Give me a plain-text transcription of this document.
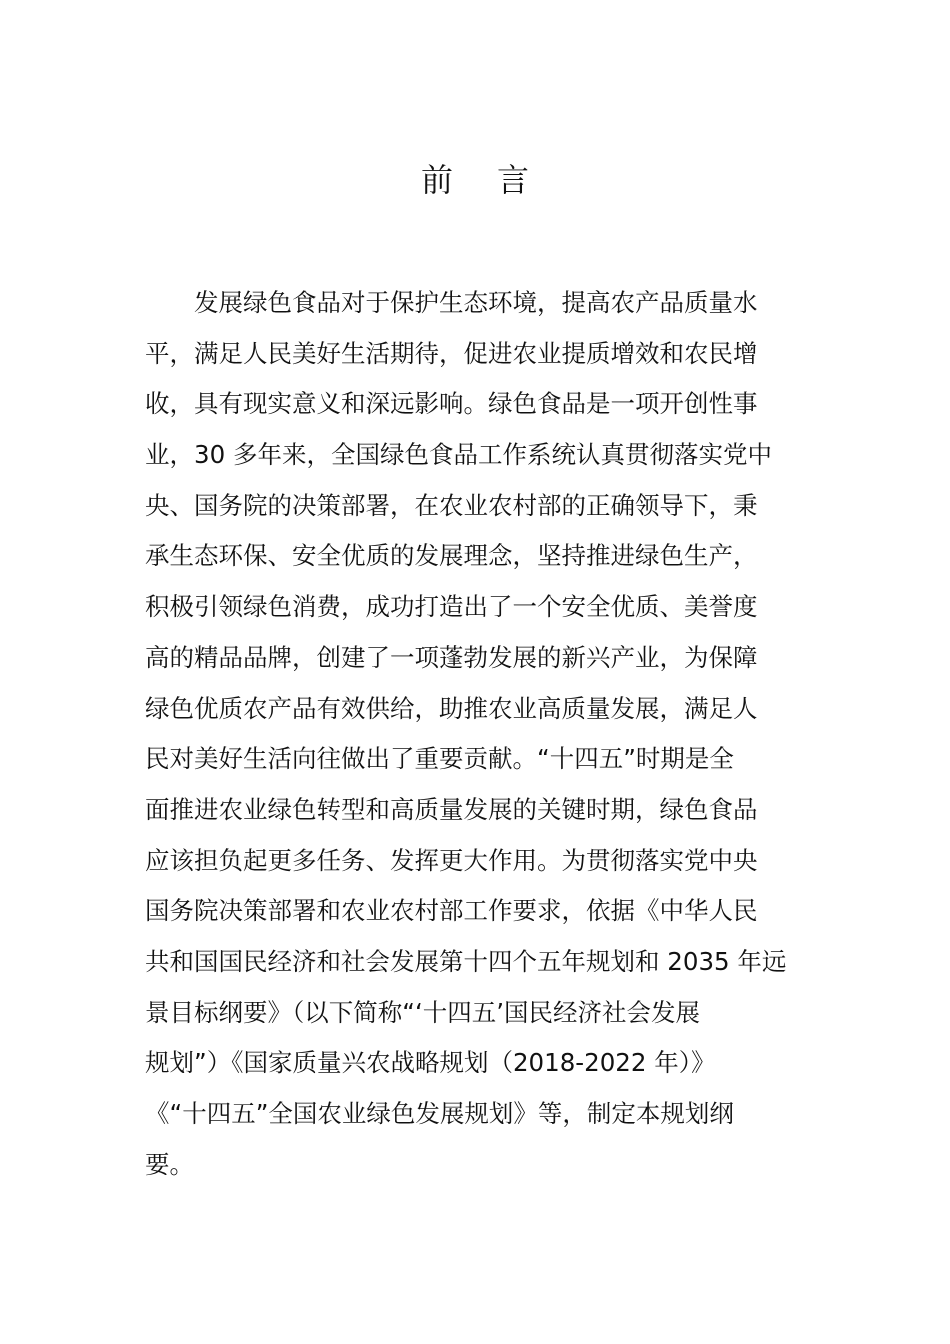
前 言
发展绿色食品对于保护生态环境，提高农产品质量水
平，满足人民美好生活期待，促进农业提质增效和农民增
收，具有现实意义和深远影响。绿色食品是一项开创性事
业，30 多年来，全国绿色食品工作系统认真贯彻落实党中
央、国务院的决策部署，在农业农村部的正确领导下，秉
承生态环保、安全优质的发展理念，坚持推进绿色生产，
积极引领绿色消费，成功打造出了一个安全优质、美誉度
高的精品品牌，创建了一项蓬勃发展的新兴产业，为保障
绿色优质农产品有效供给，助推农业高质量发展，满足人
民对美好生活向往做出了重要贡献。“十四五”时期是全
面推进农业绿色转型和高质量发展的关键时期，绿色食品
应该担负起更多任务、发挥更大作用。为贯彻落实党中央
国务院决策部署和农业农村部工作要求，依据《中华人民
共和国国民经济和社会发展第十四个五年规划和 2035 年远
景目标纲要》（以下简称“‘十四五’国民经济社会发展
规划”）《国家质量兴农战略规划（2018-2022 年）》
《“十四五”全国农业绿色发展规划》等，制定本规划纲
要。
